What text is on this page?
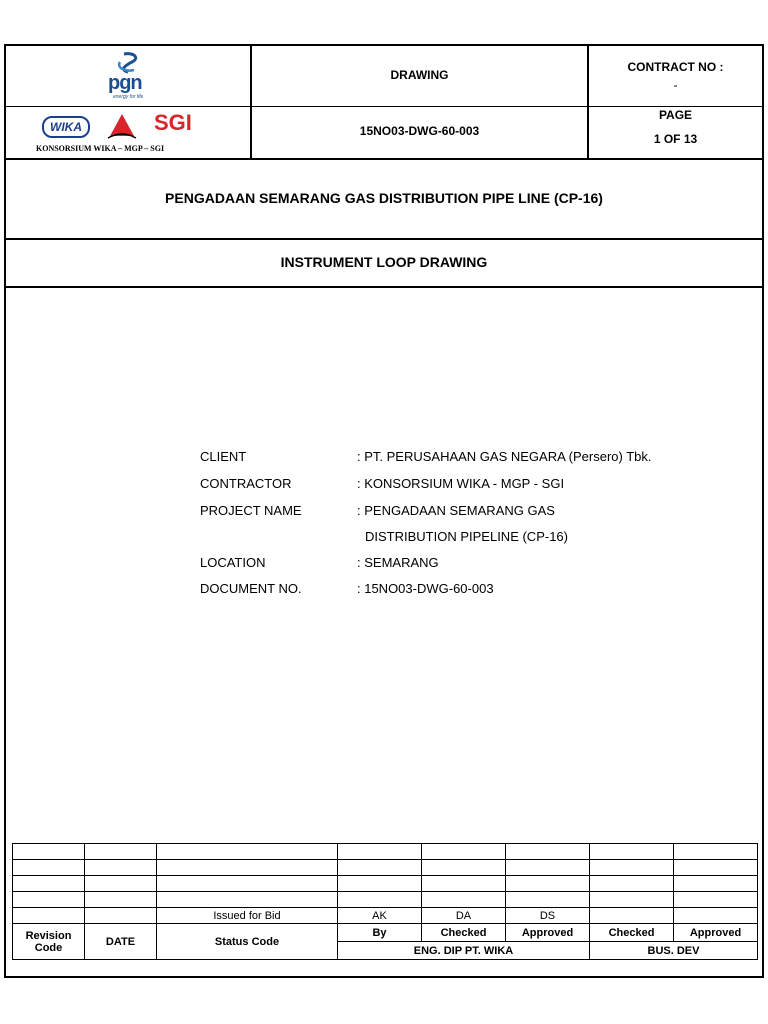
pgn
energy for life
WIKA	SGI
KONSORSIUM WIKA – MGP – SGI
DRAWING
CONTRACT NO :
-
15NO03-DWG-60-003
PAGE
1 OF 13
PENGADAAN SEMARANG GAS DISTRIBUTION PIPE LINE (CP-16)
INSTRUMENT LOOP DRAWING
CLIENT	: PT. PERUSAHAAN GAS NEGARA (Persero) Tbk.
CONTRACTOR	: KONSORSIUM WIKA - MGP - SGI
PROJECT NAME	: PENGADAAN SEMARANG GAS
DISTRIBUTION PIPELINE (CP-16)
LOCATION	: SEMARANG
DOCUMENT NO.	: 15NO03-DWG-60-003

		Issued for Bid	AK	DA	DS		
Revision Code	DATE	Status Code	By	Checked	Approved	Checked	Approved
			ENG. DIP PT. WIKA			BUS. DEV	
